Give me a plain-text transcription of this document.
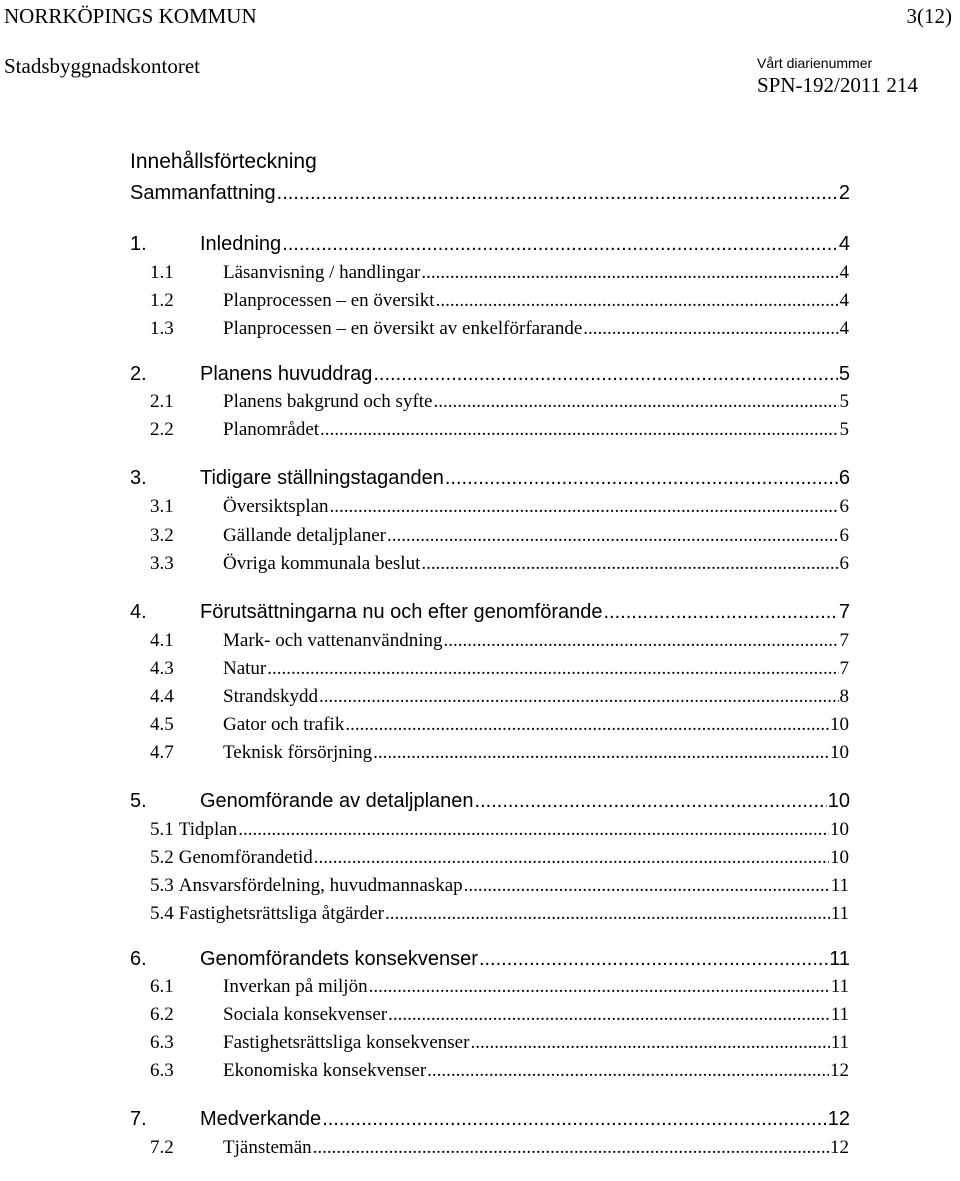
NORRKÖPINGS KOMMUN	3(12)
Stadsbyggnadskontoret	Vårt diarienummer
SPN-192/2011 214
Innehållsförteckning
Sammanfattning .....	2
1.	Inledning .....	4
1.1	Läsanvisning / handlingar .....	4
1.2	Planprocessen – en översikt .....	4
1.3	Planprocessen – en översikt av enkelförfarande .....	4
2.	Planens huvuddrag .....	5
2.1	Planens bakgrund och syfte .....	5
2.2	Planområdet .....	5
3.	Tidigare ställningstaganden .....	6
3.1	Översiktsplan .....	6
3.2	Gällande detaljplaner .....	6
3.3	Övriga kommunala beslut .....	6
4.	Förutsättningarna nu och efter genomförande .....	7
4.1	Mark- och vattenanvändning .....	7
4.3	Natur .....	7
4.4	Strandskydd .....	8
4.5	Gator och trafik .....	10
4.7	Teknisk försörjning .....	10
5.	Genomförande av detaljplanen .....	10
5.1 Tidplan .....	10
5.2 Genomförandetid .....	10
5.3 Ansvarsfördelning, huvudmannaskap .....	11
5.4 Fastighetsrättsliga åtgärder .....	11
6.	Genomförandets konsekvenser .....	11
6.1	Inverkan på miljön .....	11
6.2	Sociala konsekvenser .....	11
6.3	Fastighetsrättsliga konsekvenser .....	11
6.3	Ekonomiska konsekvenser .....	12
7.	Medverkande .....	12
7.2	Tjänstemän .....	12
